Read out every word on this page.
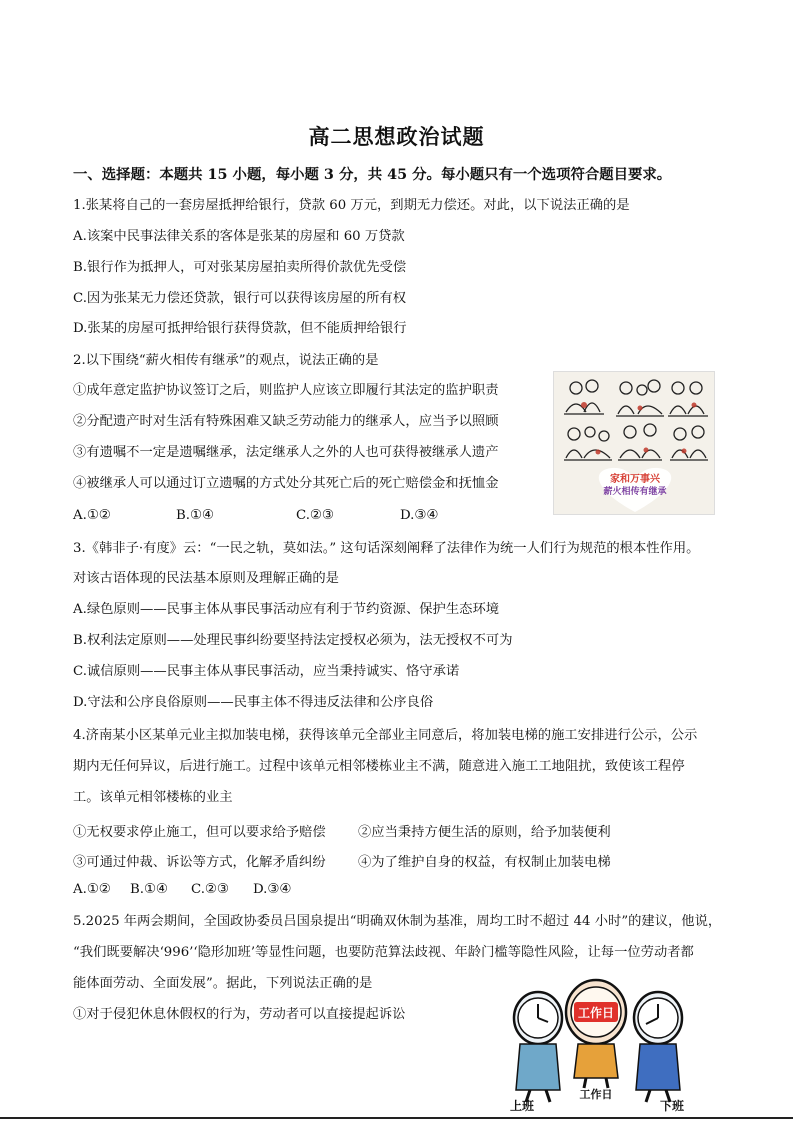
高二思想政治试题
一、选择题：本题共 15 小题，每小题 3 分，共 45 分。每小题只有一个选项符合题目要求。
1.张某将自己的一套房屋抵押给银行，贷款 60 万元，到期无力偿还。对此，以下说法正确的是
A.该案中民事法律关系的客体是张某的房屋和 60 万贷款
B.银行作为抵押人，可对张某房屋拍卖所得价款优先受偿
C.因为张某无力偿还贷款，银行可以获得该房屋的所有权
D.张某的房屋可抵押给银行获得贷款，但不能质押给银行
2.以下围绕“薪火相传有继承”的观点，说法正确的是
①成年意定监护协议签订之后，则监护人应该立即履行其法定的监护职责
②分配遗产时对生活有特殊困难又缺乏劳动能力的继承人，应当予以照顾
③有遗嘱不一定是遗嘱继承，法定继承人之外的人也可获得被继承人遗产
④被继承人可以通过订立遗嘱的方式处分其死亡后的死亡赔偿金和抚恤金
A.①②	B.①④	C.②③	D.③④
家和万事兴
薪火相传有继承
3.《韩非子·有度》云：“一民之轨，莫如法。” 这句话深刻阐释了法律作为统一人们行为规范的根本性作用。
对该古语体现的民法基本原则及理解正确的是
A.绿色原则——民事主体从事民事活动应有利于节约资源、保护生态环境
B.权利法定原则——处理民事纠纷要坚持法定授权必须为，法无授权不可为
C.诚信原则——民事主体从事民事活动，应当秉持诚实、恪守承诺
D.守法和公序良俗原则——民事主体不得违反法律和公序良俗
4.济南某小区某单元业主拟加装电梯，获得该单元全部业主同意后，将加装电梯的施工安排进行公示，公示
期内无任何异议，后进行施工。过程中该单元相邻楼栋业主不满，随意进入施工工地阻扰，致使该工程停
工。该单元相邻楼栋的业主
①无权要求停止施工，但可以要求给予赔偿 ②应当秉持方便生活的原则，给予加装便利
③可通过仲裁、诉讼等方式，化解矛盾纠纷 ④为了维护自身的权益，有权制止加装电梯
A.①② B.①④ C.②③ D.③④
5.2025 年两会期间，全国政协委员吕国泉提出“明确双休制为基准，周均工时不超过 44 小时”的建议，他说，
“我们既要解决‘996’‘隐形加班’等显性问题，也要防范算法歧视、年龄门槛等隐性风险，让每一位劳动者都
能体面劳动、全面发展”。据此，下列说法正确的是
①对于侵犯休息休假权的行为，劳动者可以直接提起诉讼	工作日
上班
工作日
下班
